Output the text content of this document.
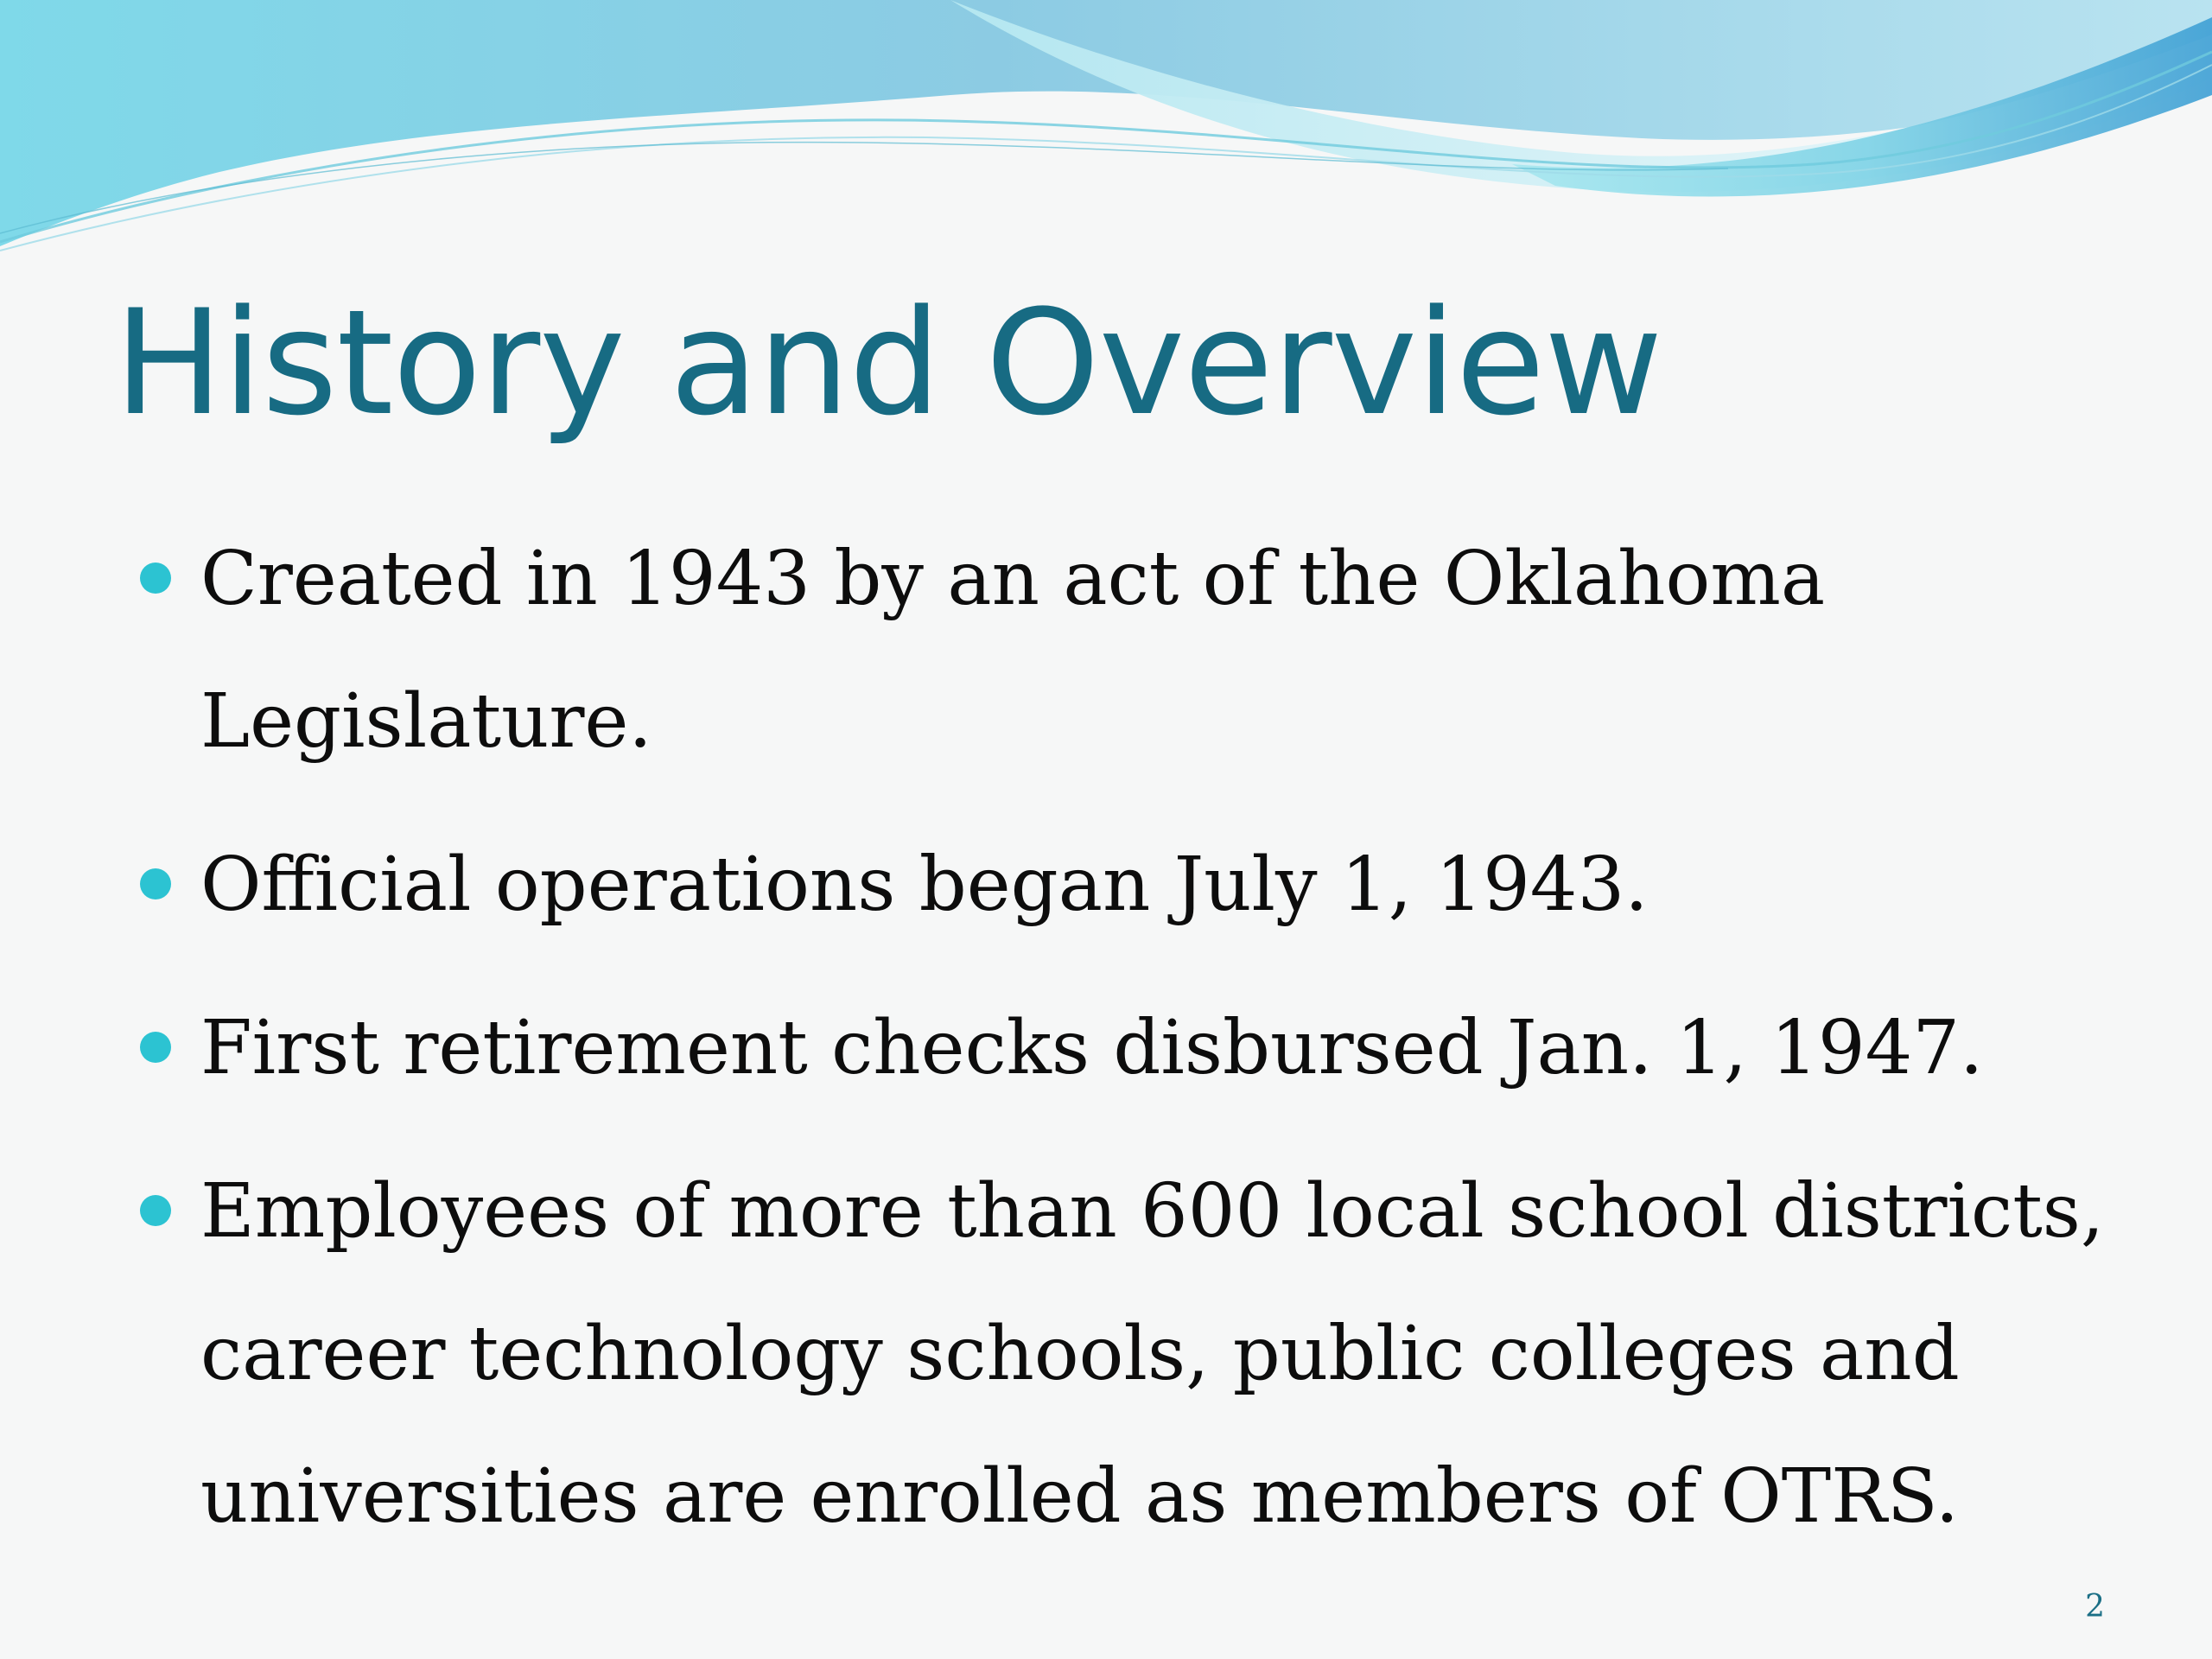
History and Overview
Created in 1943 by an act of the Oklahoma Legislature.
Official operations began July 1, 1943.
First retirement checks disbursed Jan. 1, 1947.
Employees of more than 600 local school districts, career technology schools, public colleges and universities are enrolled as members of OTRS.
2
